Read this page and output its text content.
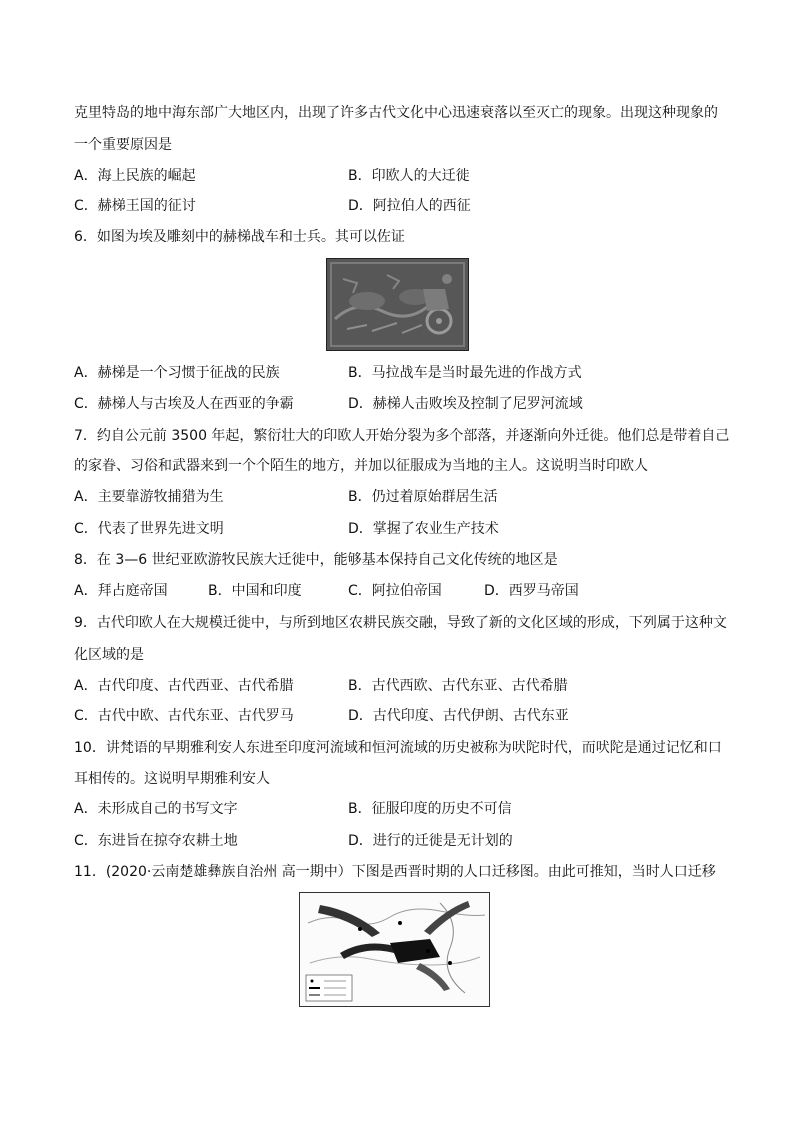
克里特岛的地中海东部广大地区内，出现了许多古代文化中心迅速衰落以至灭亡的现象。出现这种现象的
一个重要原因是
A．海上民族的崛起	B．印欧人的大迁徙
C．赫梯王国的征讨	D．阿拉伯人的西征
6．如图为埃及雕刻中的赫梯战车和士兵。其可以佐证
A．赫梯是一个习惯于征战的民族	B．马拉战车是当时最先进的作战方式
C．赫梯人与古埃及人在西亚的争霸	D．赫梯人击败埃及控制了尼罗河流域
7．约自公元前 3500 年起，繁衍壮大的印欧人开始分裂为多个部落，并逐渐向外迁徙。他们总是带着自己
的家眷、习俗和武器来到一个个陌生的地方，并加以征服成为当地的主人。这说明当时印欧人
A．主要靠游牧捕猎为生	B．仍过着原始群居生活
C．代表了世界先进文明	D．掌握了农业生产技术
8．在 3—6 世纪亚欧游牧民族大迁徙中，能够基本保持自己文化传统的地区是
A．拜占庭帝国	B．中国和印度	C．阿拉伯帝国	D．西罗马帝国
9．古代印欧人在大规模迁徙中，与所到地区农耕民族交融，导致了新的文化区域的形成，下列属于这种文
化区域的是
A．古代印度、古代西亚、古代希腊	B．古代西欧、古代东亚、古代希腊
C．古代中欧、古代东亚、古代罗马	D．古代印度、古代伊朗、古代东亚
10．讲梵语的早期雅利安人东进至印度河流域和恒河流域的历史被称为吠陀时代，而吠陀是通过记忆和口
耳相传的。这说明早期雅利安人
A．未形成自己的书写文字	B．征服印度的历史不可信
C．东进旨在掠夺农耕土地	D．进行的迁徙是无计划的
11．(2020·云南楚雄彝族自治州 高一期中）下图是西晋时期的人口迁移图。由此可推知，当时人口迁移
